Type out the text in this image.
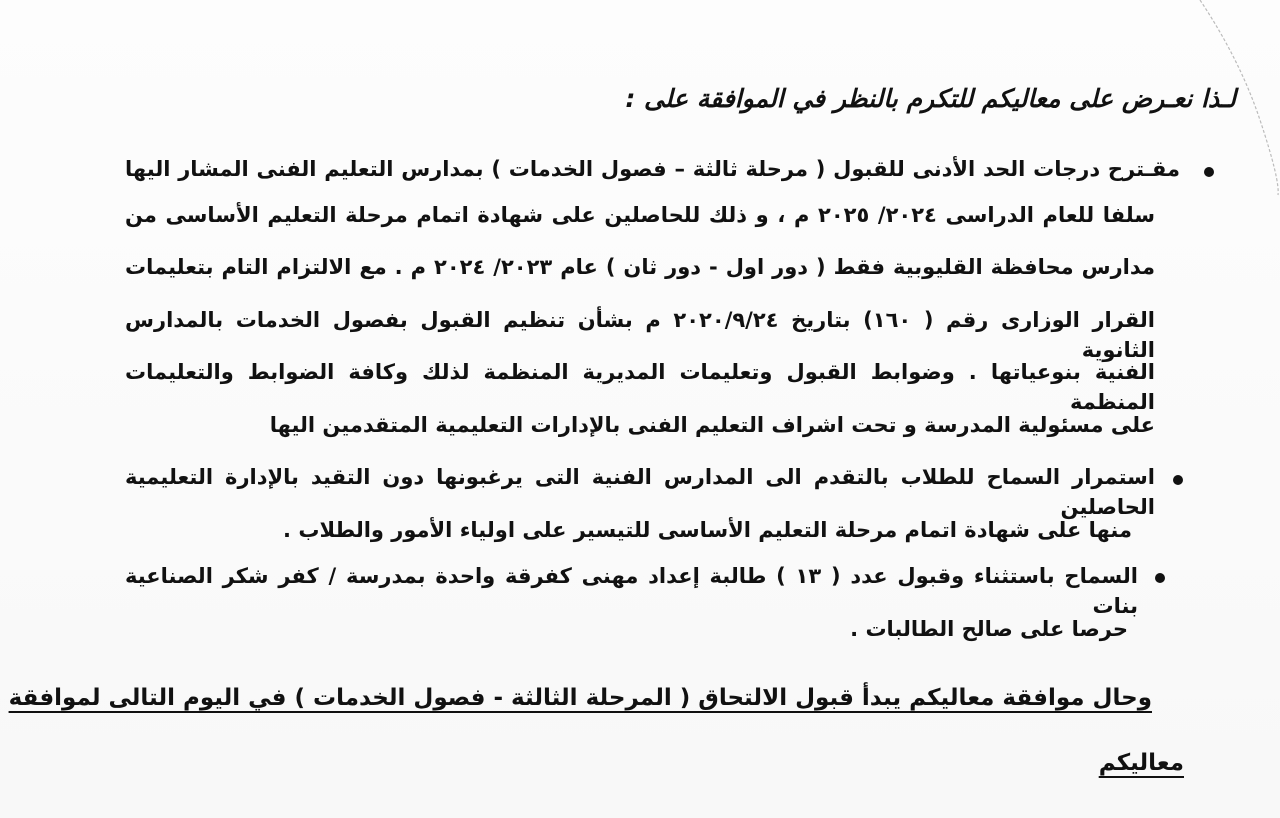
لـذا نعـرض على معاليكم للتكرم بالنظر في الموافقة على :
مقـترح درجات الحد الأدنى للقبول ( مرحلة ثالثة – فصول الخدمات ) بمدارس التعليم الفنى المشار اليها
سلفا للعام الدراسى ٢٠٢٤/ ٢٠٢٥ م ، و ذلك للحاصلين على شهادة اتمام مرحلة التعليم الأساسى من
مدارس محافظة القليوبية فقط ( دور اول - دور ثان ) عام ٢٠٢٣/ ٢٠٢٤ م . مع الالتزام التام بتعليمات
القرار الوزارى رقم ( ١٦٠) بتاريخ ٢٠٢٠/٩/٢٤ م بشأن تنظيم القبول بفصول الخدمات بالمدارس الثانوية
الفنية بنوعياتها . وضوابط القبول وتعليمات المديرية المنظمة لذلك وكافة الضوابط والتعليمات المنظمة
على مسئولية المدرسة و تحت اشراف التعليم الفنى بالإدارات التعليمية المتقدمين اليها
استمرار السماح للطلاب بالتقدم الى المدارس الفنية التى يرغبونها دون التقيد بالإدارة التعليمية الحاصلين
منها على شهادة اتمام مرحلة التعليم الأساسى للتيسير على اولياء الأمور والطلاب .
السماح باستثناء وقبول عدد ( ١٣ ) طالبة إعداد مهنى كفرقة واحدة بمدرسة / كفر شكر الصناعية بنات
حرصا على صالح الطالبات .
وحال موافقة معاليكم يبدأ قبول الالتحاق ( المرحلة الثالثة - فصول الخدمات ) في اليوم التالى لموافقة
معاليكم
